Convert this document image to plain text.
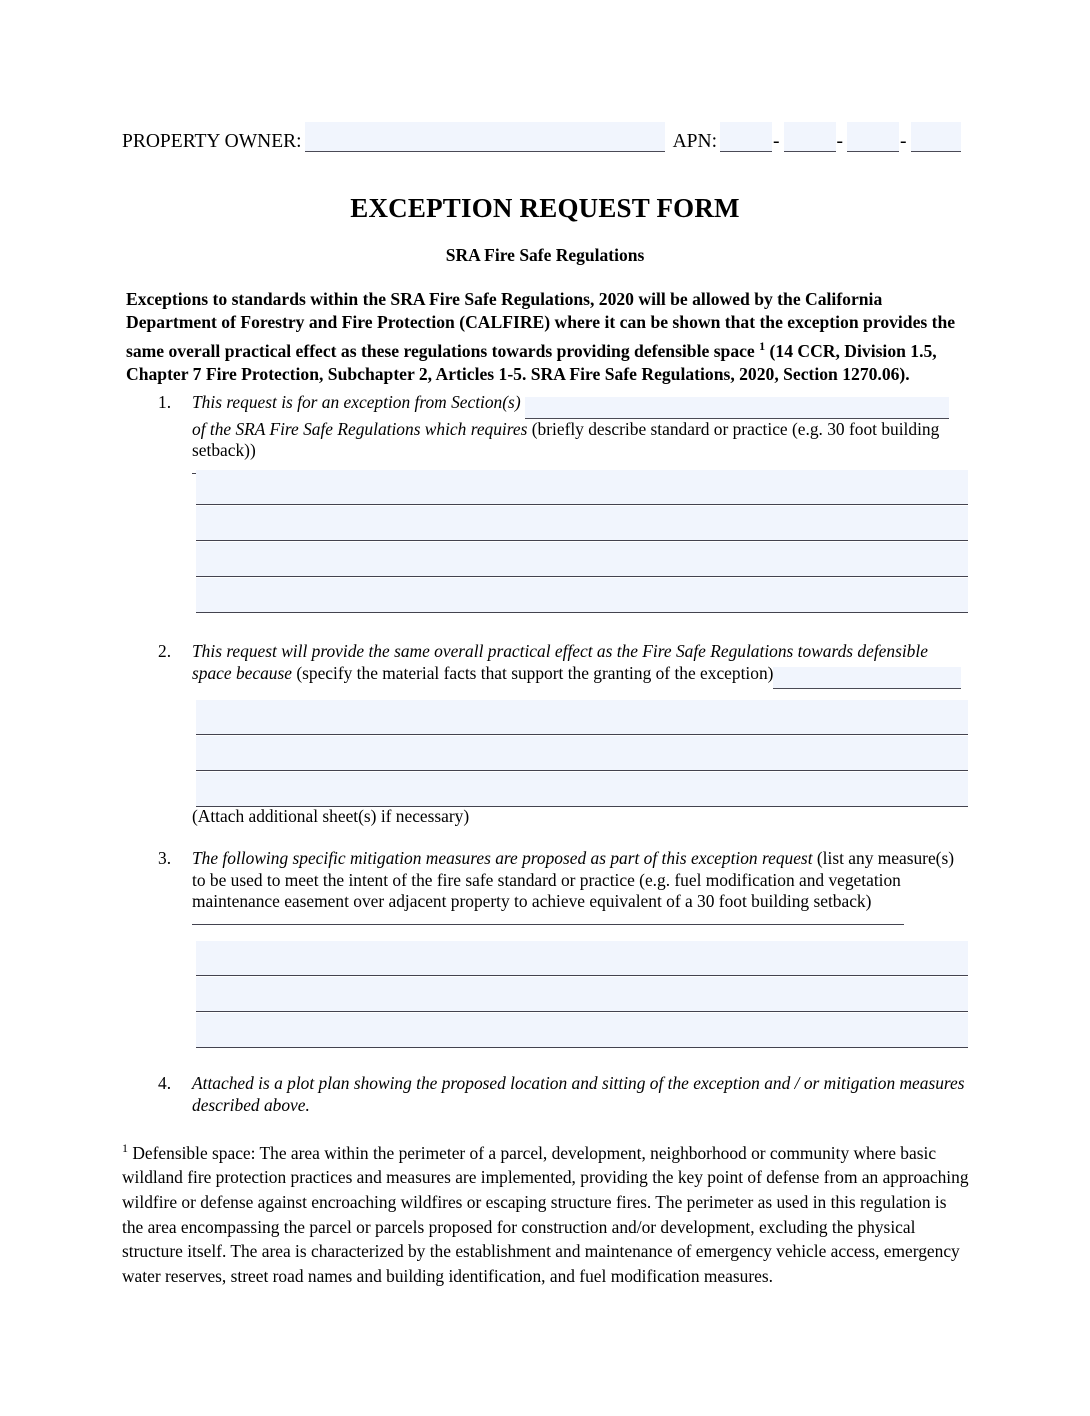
PROPERTY OWNER:	APN:	-	-	-
EXCEPTION REQUEST FORM
SRA Fire Safe Regulations
Exceptions to standards within the SRA Fire Safe Regulations, 2020 will be allowed by the California Department of Forestry and Fire Protection (CALFIRE) where it can be shown that the exception provides the same overall practical effect as these regulations towards providing defensible space $^1$ (14 CCR, Division 1.5, Chapter 7 Fire Protection, Subchapter 2, Articles 1-5. SRA Fire Safe Regulations, 2020, Section 1270.06).
1.	This request is for an exception from Section(s)
of the SRA Fire Safe Regulations which requires (briefly describe standard or practice (e.g. 30 foot building setback))
2.	This request will provide the same overall practical effect as the Fire Safe Regulations towards defensible space because (specify the material facts that support the granting of the exception)
(Attach additional sheet(s) if necessary)
3.	The following specific mitigation measures are proposed as part of this exception request (list any measure(s) to be used to meet the intent of the fire safe standard or practice (e.g. fuel modification and vegetation maintenance easement over adjacent property to achieve equivalent of a 30 foot building setback)
4.	Attached is a plot plan showing the proposed location and sitting of the exception and / or mitigation measures described above.
$^1$ Defensible space: The area within the perimeter of a parcel, development, neighborhood or community where basic wildland fire protection practices and measures are implemented, providing the key point of defense from an approaching wildfire or defense against encroaching wildfires or escaping structure fires. The perimeter as used in this regulation is the area encompassing the parcel or parcels proposed for construction and/or development, excluding the physical structure itself. The area is characterized by the establishment and maintenance of emergency vehicle access, emergency water reserves, street road names and building identification, and fuel modification measures.
